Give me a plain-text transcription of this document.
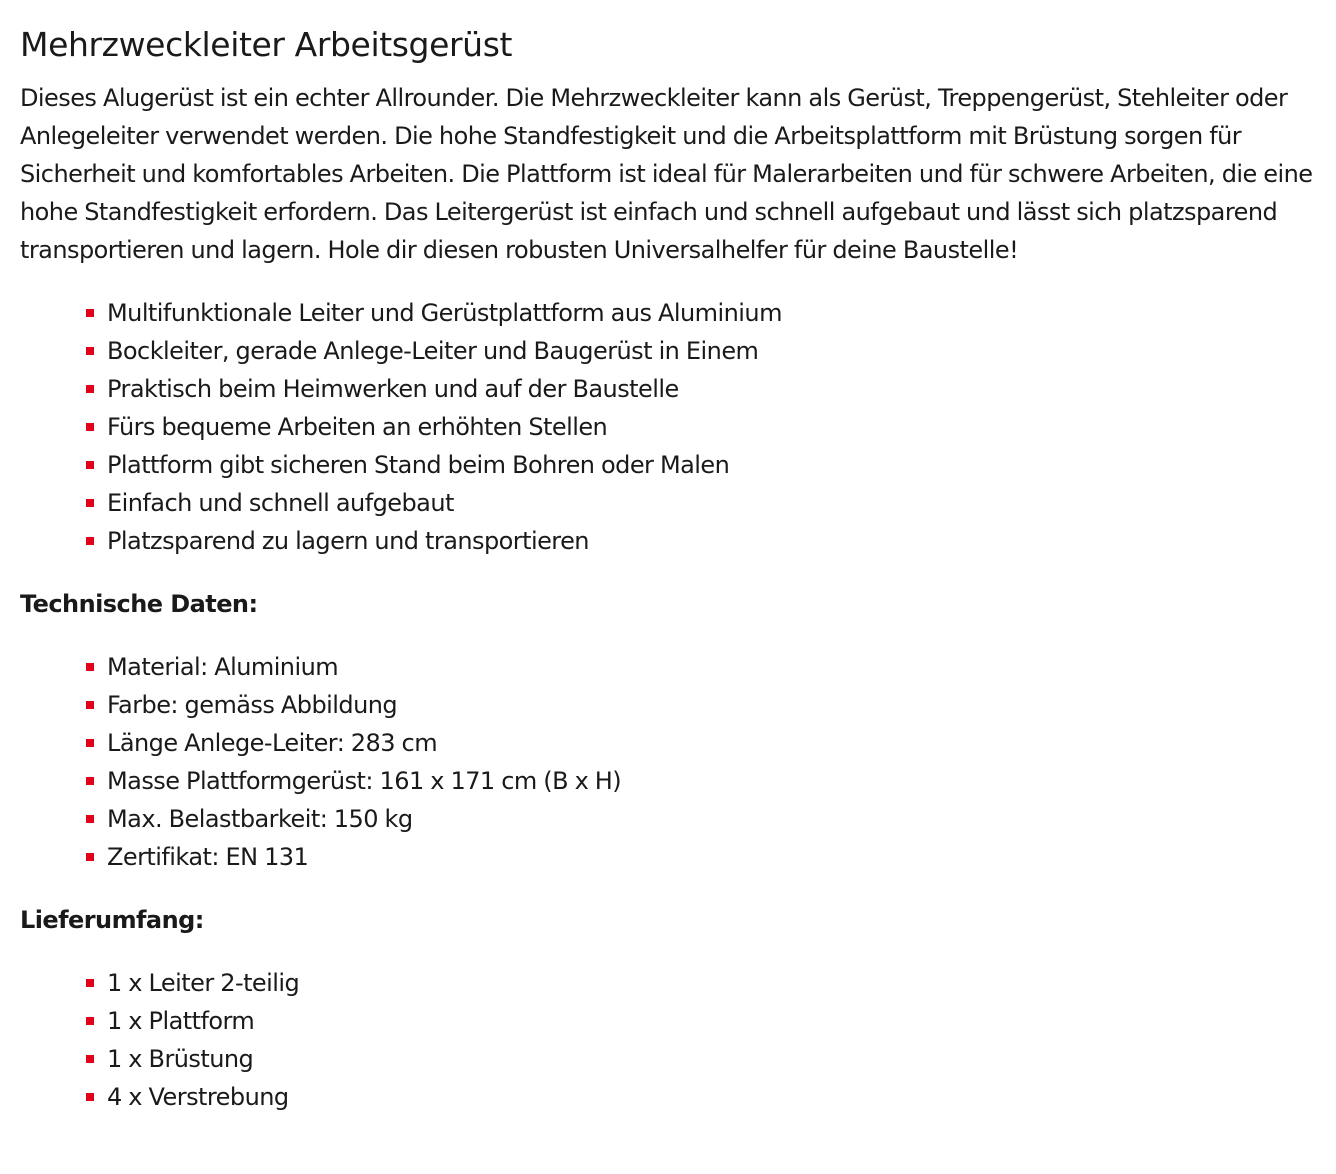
Mehrzweckleiter Arbeitsgerüst

Dieses Alugerüst ist ein echter Allrounder. Die Mehrzweckleiter kann als Gerüst, Treppengerüst, Stehleiter oder Anlegeleiter verwendet werden. Die hohe Standfestigkeit und die Arbeitsplattform mit Brüstung sorgen für Sicherheit und komfortables Arbeiten. Die Plattform ist ideal für Malerarbeiten und für schwere Arbeiten, die eine hohe Standfestigkeit erfordern. Das Leitergerüst ist einfach und schnell aufgebaut und lässt sich platzsparend transportieren und lagern. Hole dir diesen robusten Universalhelfer für deine Baustelle!

Multifunktionale Leiter und Gerüstplattform aus Aluminium
Bockleiter, gerade Anlege-Leiter und Baugerüst in Einem
Praktisch beim Heimwerken und auf der Baustelle
Fürs bequeme Arbeiten an erhöhten Stellen
Plattform gibt sicheren Stand beim Bohren oder Malen
Einfach und schnell aufgebaut
Platzsparend zu lagern und transportieren
Technische Daten:
Material: Aluminium
Farbe: gemäss Abbildung
Länge Anlege-Leiter: 283 cm
Masse Plattformgerüst: 161 x 171 cm (B x H)
Max. Belastbarkeit: 150 kg
Zertifikat: EN 131
Lieferumfang:
1 x Leiter 2-teilig
1 x Plattform
1 x Brüstung
4 x Verstrebung
